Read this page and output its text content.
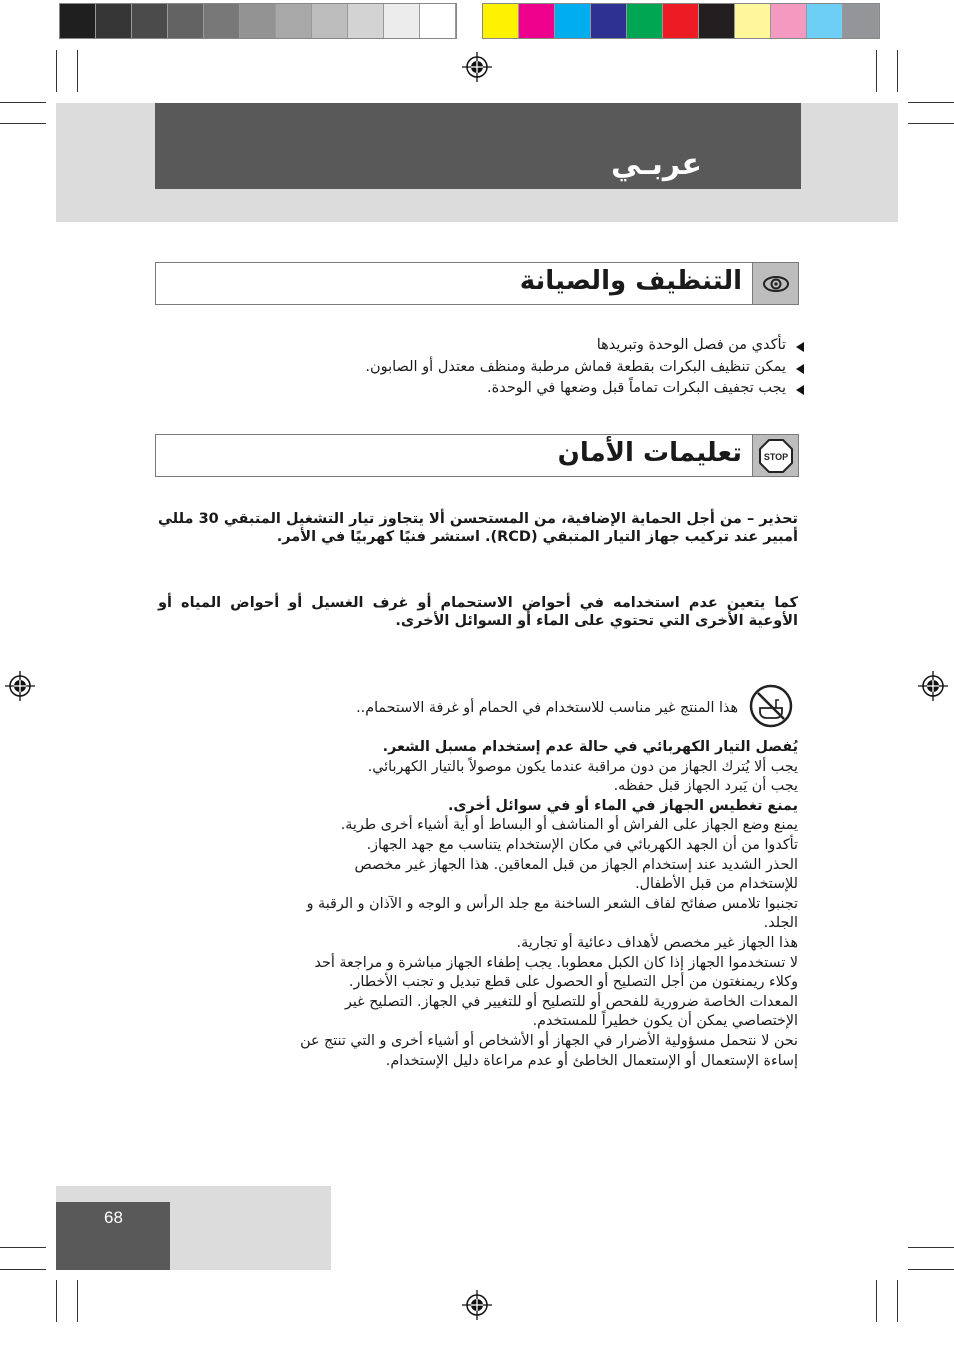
عربـي
التنظيف والصيانة
تأكدي من فصل الوحدة وتبريدها
يمكن تنظيف البكرات بقطعة قماش مرطبة ومنظف معتدل أو الصابون.
يجب تجفيف البكرات تماماً قبل وضعها في الوحدة.
STOP
تعليمات الأمان
تحذير – من أجل الحماية الإضافية، من المستحسن ألا يتجاوز تيار التشغيل المتبقي 30 مللي أمبير عند تركيب جهاز التيار المتبقي (RCD). استشر فنيًا كهربيًا في الأمر.
كما يتعين عدم استخدامه في أحواض الاستحمام أو غرف الغسيل أو أحواض المياه أو الأوعية الأخرى التي تحتوي على الماء أو السوائل الأخرى.
هذا المنتج غير مناسب للاستخدام في الحمام أو غرفة الاستحمام..
يُفصل التيار الكهربائي في حالة عدم إستخدام مسبل الشعر.
يجب ألا يُترك الجهاز من دون مراقبة عندما يكون موصولاً بالتيار الكهربائي.
يجب أن يَبرد الجهاز قبل حفظه.
يمنع تغطيس الجهاز في الماء أو في سوائل أخرى.
يمنع وضع الجهاز على الفراش أو المناشف أو البساط أو أية أشياء أخرى طرية.
تأكدوا من أن الجهد الكهربائي في مكان الإستخدام يتناسب مع جهد الجهاز.
الحذر الشديد عند إستخدام الجهاز من قبل المعاقين. هذا الجهاز غير مخصص
للإستخدام من قبل الأطفال.
تجنبوا تلامس صفائح لفاف الشعر الساخنة مع جلد الرأس و الوجه و الآذان و الرقبة و
الجلد.
هذا الجهاز غير مخصص لأهداف دعائية أو تجارية.
لا تستخدموا الجهاز إذا كان الكبل معطوبا. يجب إطفاء الجهاز مباشرة و مراجعة أحد
وكلاء ريمنغتون من أجل التصليح أو الحصول على قطع تبديل و تجنب الأخطار.
المعدات الخاصة ضرورية للفحص أو للتصليح أو للتغيير في الجهاز. التصليح غير
الإختصاصي يمكن أن يكون خطيراً للمستخدم.
نحن لا نتحمل مسؤولية الأضرار في الجهاز أو الأشخاص أو أشياء أخرى و التي تنتج عن
إساءة الإستعمال أو الإستعمال الخاطئ أو عدم مراعاة دليل الإستخدام.
68
